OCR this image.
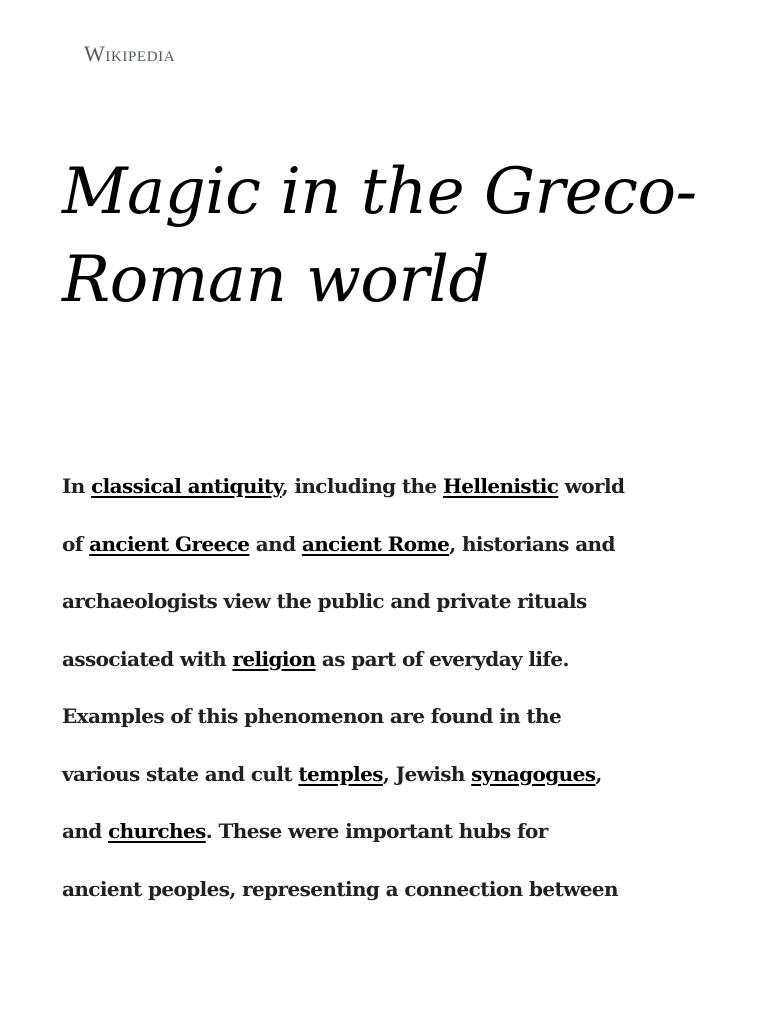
Wikipedia
Magic in the Greco-
Roman world

In classical antiquity, including the Hellenistic world
of ancient Greece and ancient Rome, historians and
archaeologists view the public and private rituals
associated with religion as part of everyday life.
Examples of this phenomenon are found in the
various state and cult temples, Jewish synagogues,
and churches. These were important hubs for
ancient peoples, representing a connection between
